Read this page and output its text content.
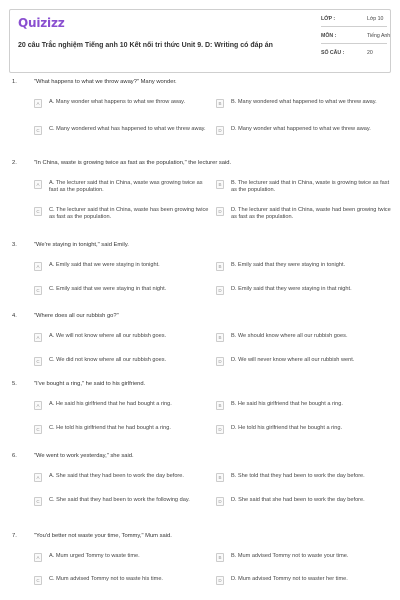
Quizizz
20 câu Trắc nghiệm Tiếng anh 10 Kết nối tri thức Unit 9. D: Writing có đáp án
LỚP :	Lớp 10
MÔN :	Tiếng Anh
SỐ CÂU :	20
1.	"What happens to what we throw away?" Many wonder.
A	A. Many wonder what happens to what we throw away.	B	B. Many wondered what happened to what we threw away.
C	C. Many wondered what has happened to what we threw away.	D	D. Many wonder what happened to what we threw away.
2.	"In China, waste is growing twice as fast as the population," the lecturer said.
A	A. The lecturer said that in China, waste was growing twice as fast as the population.
B	B. The lecturer said that in China, waste is growing twice as fast as the population.
C	C. The lecturer said that in China, waste has been growing twice as fast as the population.
D	D. The lecturer said that in China, waste had been growing twice as fast as the population.
3.	"We're staying in tonight," said Emily.
A	A. Emily said that we were staying in tonight.	B	B. Emily said that they were staying in tonight.
C	C. Emily said that we were staying in that night.	D	D. Emily said that they were staying in that night.
4.	"Where does all our rubbish go?"
A	A. We will not know where all our rubbish goes.	B	B. We should know where all our rubbish goes.
C	C. We did not know where all our rubbish goes.	D	D. We will never know where all our rubbish went.
5.	"I've bought a ring," he said to his girlfriend.
A	A. He said his girlfriend that he had bought a ring.	B	B. He said his girlfriend that he bought a ring.
C	C. He told his girlfriend that he had bought a ring.	D	D. He told his girlfriend that he bought a ring.
6.	"We went to work yesterday," she said.
A	A. She said that they had been to work the day before.	B	B. She told that they had been to work the day before.
C	C. She said that they had been to work the following day.	D	D. She said that she had been to work the day before.
7.	"You'd better not waste your time, Tommy," Mum said.
A	A. Mum urged Tommy to waste time.	B	B. Mum advised Tommy not to waste your time.
C	C. Mum advised Tommy not to waste his time.	D	D. Mum advised Tommy not to waster her time.
